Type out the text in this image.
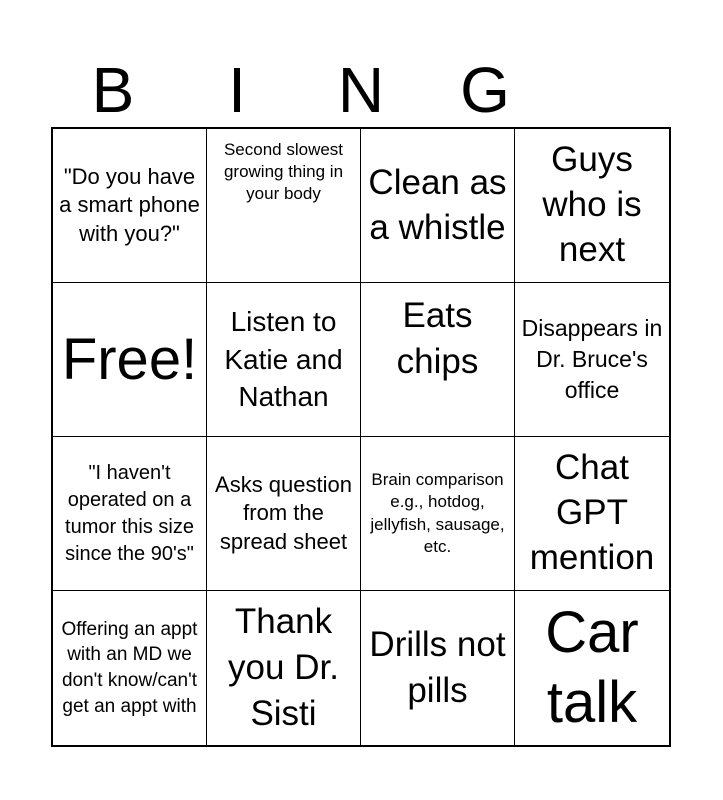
B	I	N	G
"Do you have a smart phone with you?"
Second slowest growing thing in your body	Clean as a whistle
Guys who is next
Free!
Listen to Katie and Nathan
Eats chips
Disappears in Dr. Bruce's office
"I haven't operated on a tumor this size since the 90's"
Asks question from the spread sheet
Brain comparison e.g., hotdog, jellyfish, sausage, etc.
Chat GPT mention
Offering an appt with an MD we don't know/can't get an appt with
Thank you Dr. Sisti
Drills not pills
Car talk
